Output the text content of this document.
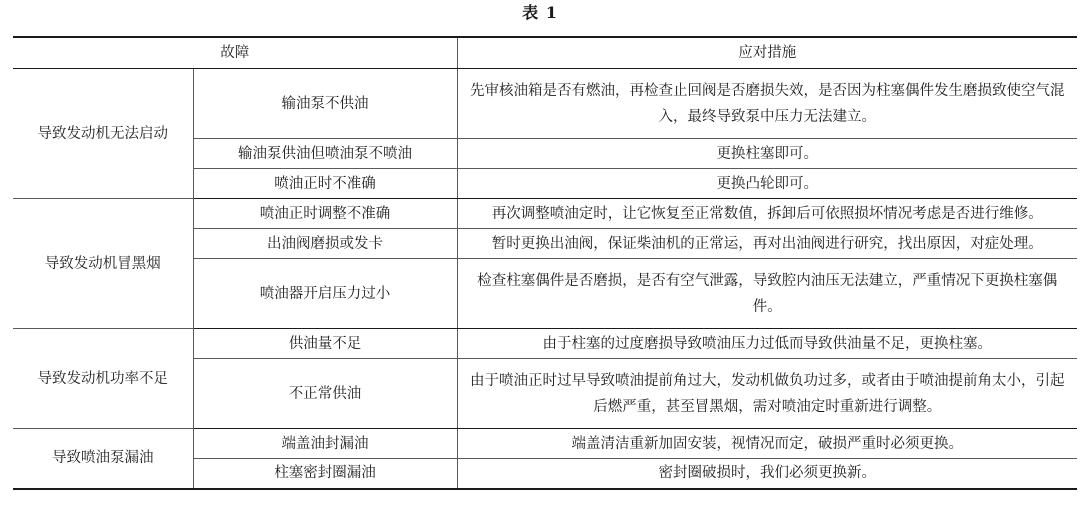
表 1
故障		应对措施
导致发动机无法启动	输油泵不供油	先审核油箱是否有燃油，再检查止回阀是否磨损失效，是否因为柱塞偶件发生磨损致使空气混入，最终导致泵中压力无法建立。
	输油泵供油但喷油泵不喷油	更换柱塞即可。
	喷油正时不准确	更换凸轮即可。
导致发动机冒黑烟	喷油正时调整不准确	再次调整喷油定时，让它恢复至正常数值，拆卸后可依照损坏情况考虑是否进行维修。
	出油阀磨损或发卡	暂时更换出油阀，保证柴油机的正常运，再对出油阀进行研究，找出原因，对症处理。
	喷油器开启压力过小	检查柱塞偶件是否磨损，是否有空气泄露，导致腔内油压无法建立，严重情况下更换柱塞偶件。
导致发动机功率不足	供油量不足	由于柱塞的过度磨损导致喷油压力过低而导致供油量不足，更换柱塞。
	不正常供油	由于喷油正时过早导致喷油提前角过大，发动机做负功过多，或者由于喷油提前角太小，引起后燃严重，甚至冒黑烟，需对喷油定时重新进行调整。
导致喷油泵漏油	端盖油封漏油	端盖清洁重新加固安装，视情况而定，破损严重时必须更换。
	柱塞密封圈漏油	密封圈破损时，我们必须更换新。
